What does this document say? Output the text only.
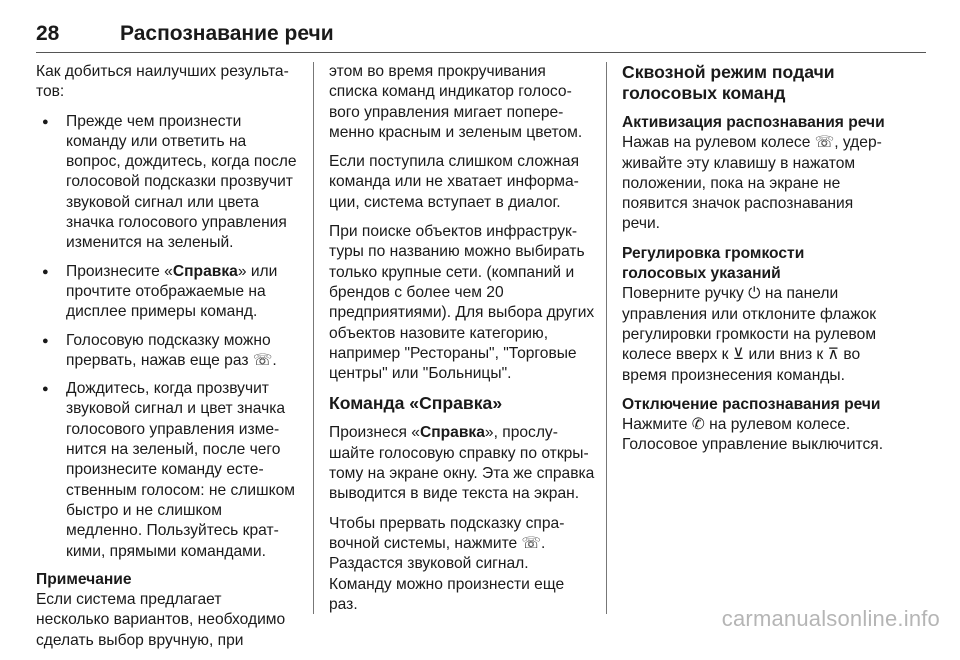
28	Распознавание речи

Как добиться наилучших результатов:

● Прежде чем произнести команду или ответить на вопрос, дождитесь, когда после голосовой подсказки прозвучит звуковой сигнал или цвета значка голосового управления изменится на зеленый.
● Произнесите «Справка» или прочтите отображаемые на дисплее примеры команд.
● Голосовую подсказку можно прервать, нажав еще раз ☏.
● Дождитесь, когда прозвучит звуковой сигнал и цвет значка голосового управления изменится на зеленый, после чего произнесите команду естественным голосом: не слишком быстро и не слишком медленно. Пользуйтесь краткими, прямыми командами.

Примечание

Если система предлагает несколько вариантов, необходимо сделать выбор вручную, при

этом во время прокручивания списка команд индикатор голосового управления мигает попеременно красным и зеленым цветом.

Если поступила слишком сложная команда или не хватает информации, система вступает в диалог.

При поиске объектов инфраструктуры по названию можно выбирать только крупные сети. (компаний и брендов с более чем 20 предприятиями). Для выбора других объектов назовите категорию, например "Рестораны", "Торговые центры" или "Больницы".

Команда «Справка»

Произнеся «Справка», прослушайте голосовую справку по открытому на экране окну. Эта же справка выводится в виде текста на экран.

Чтобы прервать подсказку справочной системы, нажмите ☏. Раздастся звуковой сигнал. Команду можно произнести еще раз.

Сквозной режим подачи голосовых команд
Активизация распознавания речи

Нажав на рулевом колесе ☏, удерживайте эту клавишу в нажатом положении, пока на экране не появится значок распознавания речи.

Регулировка громкости голосовых указаний

Поверните ручку ⏻ на панели управления или отклоните флажок регулировки громкости на рулевом колесе вверх к ⊻ или вниз к ⊼ во время произнесения команды.

Отключение распознавания речи

Нажмите ✆ на рулевом колесе. Голосовое управление выключится.

carmanualsonline.info
